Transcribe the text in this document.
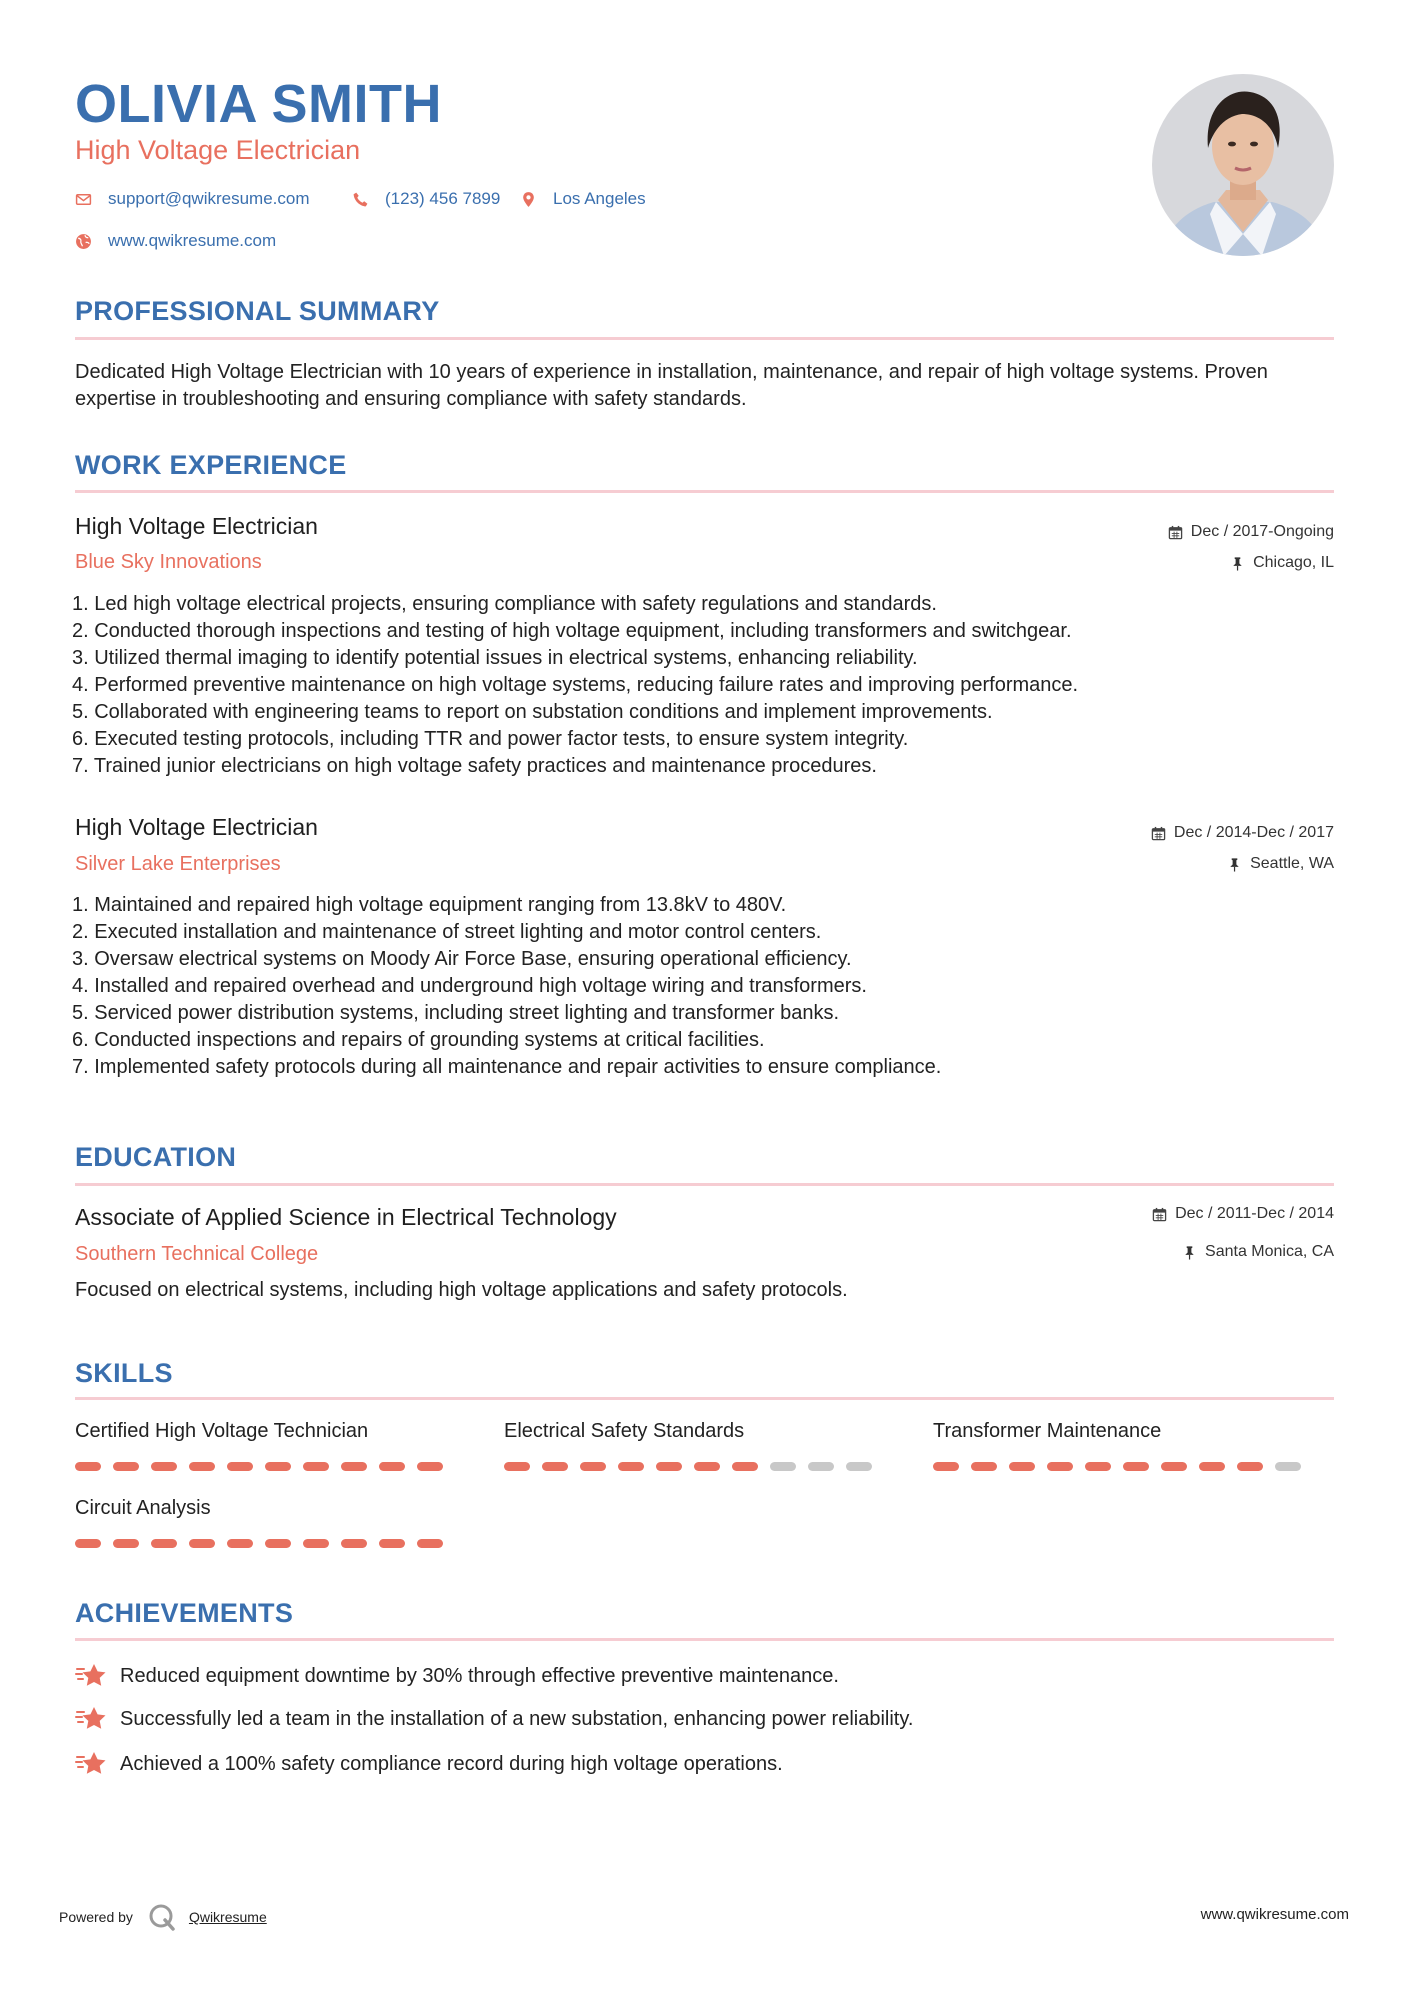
OLIVIA SMITH
High Voltage Electrician
support@qwikresume.com	(123) 456 7899	Los Angeles
www.qwikresume.com
PROFESSIONAL SUMMARY
Dedicated High Voltage Electrician with 10 years of experience in installation, maintenance, and repair of high voltage systems. Proven expertise in troubleshooting and ensuring compliance with safety standards.
WORK EXPERIENCE
High Voltage Electrician
Blue Sky Innovations
Dec / 2017-Ongoing
Chicago, IL
1. Led high voltage electrical projects, ensuring compliance with safety regulations and standards.
2. Conducted thorough inspections and testing of high voltage equipment, including transformers and switchgear.
3. Utilized thermal imaging to identify potential issues in electrical systems, enhancing reliability.
4. Performed preventive maintenance on high voltage systems, reducing failure rates and improving performance.
5. Collaborated with engineering teams to report on substation conditions and implement improvements.
6. Executed testing protocols, including TTR and power factor tests, to ensure system integrity.
7. Trained junior electricians on high voltage safety practices and maintenance procedures.
High Voltage Electrician
Silver Lake Enterprises
Dec / 2014-Dec / 2017
Seattle, WA
1. Maintained and repaired high voltage equipment ranging from 13.8kV to 480V.
2. Executed installation and maintenance of street lighting and motor control centers.
3. Oversaw electrical systems on Moody Air Force Base, ensuring operational efficiency.
4. Installed and repaired overhead and underground high voltage wiring and transformers.
5. Serviced power distribution systems, including street lighting and transformer banks.
6. Conducted inspections and repairs of grounding systems at critical facilities.
7. Implemented safety protocols during all maintenance and repair activities to ensure compliance.
EDUCATION
Associate of Applied Science in Electrical Technology
Southern Technical College
Dec / 2011-Dec / 2014
Santa Monica, CA
Focused on electrical systems, including high voltage applications and safety protocols.
SKILLS
Certified High Voltage Technician	Electrical Safety Standards	Transformer Maintenance
Circuit Analysis
ACHIEVEMENTS
Reduced equipment downtime by 30% through effective preventive maintenance.
Successfully led a team in the installation of a new substation, enhancing power reliability.
Achieved a 100% safety compliance record during high voltage operations.
Powered by	Qwikresume	www.qwikresume.com
